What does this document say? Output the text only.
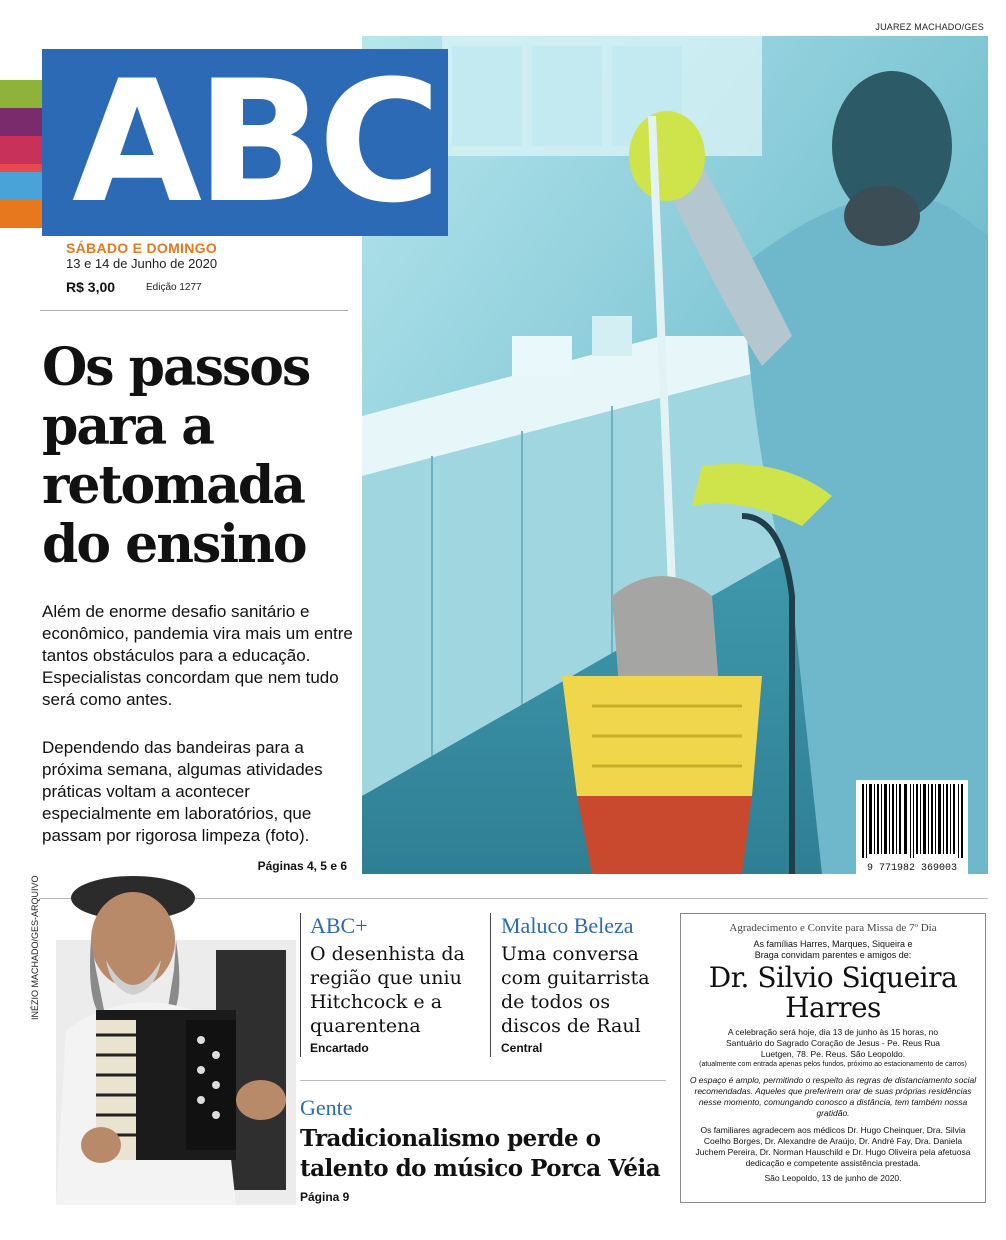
JUAREZ MACHADO/GES
ABC
SÁBADO E DOMINGO
13 e 14 de Junho de 2020
R$ 3,00	Edição 1277
Os passos para a retomada do ensino
Além de enorme desafio sanitário e econômico, pandemia vira mais um entre tantos obstáculos para a educação. Especialistas concordam que nem tudo será como antes.
Dependendo das bandeiras para a próxima semana, algumas atividades práticas voltam a acontecer especialmente em laboratórios, que passam por rigorosa limpeza (foto).
Páginas 4, 5 e 6	9 771982 369003
INÉZIO MACHADO/GES-ARQUIVO	ABC+
O desenhista da região que uniu Hitchcock e a quarentena
Encartado
Maluco Beleza
Uma conversa com guitarrista de todos os discos de Raul
Central
Gente
Tradicionalismo perde o talento do músico Porca Véia
Página 9
Agradecimento e Convite para Missa de 7º Dia
As famílias Harres, Marques, Siqueira e Braga convidam parentes e amigos de:
Dr. Silvio Siqueira Harres
A celebração será hoje, dia 13 de junho às 15 horas, no Santuário do Sagrado Coração de Jesus - Pe. Reus Rua Luetgen, 78. Pe. Reus. São Leopoldo.
(atualmente com entrada apenas pelos fundos, próximo ao estacionamento de carros)
O espaço é amplo, permitindo o respeito às regras de distanciamento social recomendadas. Aqueles que preferirem orar de suas próprias residências nesse momento, comungando conosco a distância, tem também nossa gratidão.
Os familiares agradecem aos médicos Dr. Hugo Cheinquer, Dra. Silvia Coelho Borges, Dr. Alexandre de Araújo, Dr. André Fay, Dra. Daniela Juchem Pereira, Dr. Norman Hauschild e Dr. Hugo Oliveira pela afetuosa dedicação e competente assistência prestada.
São Leopoldo, 13 de junho de 2020.
